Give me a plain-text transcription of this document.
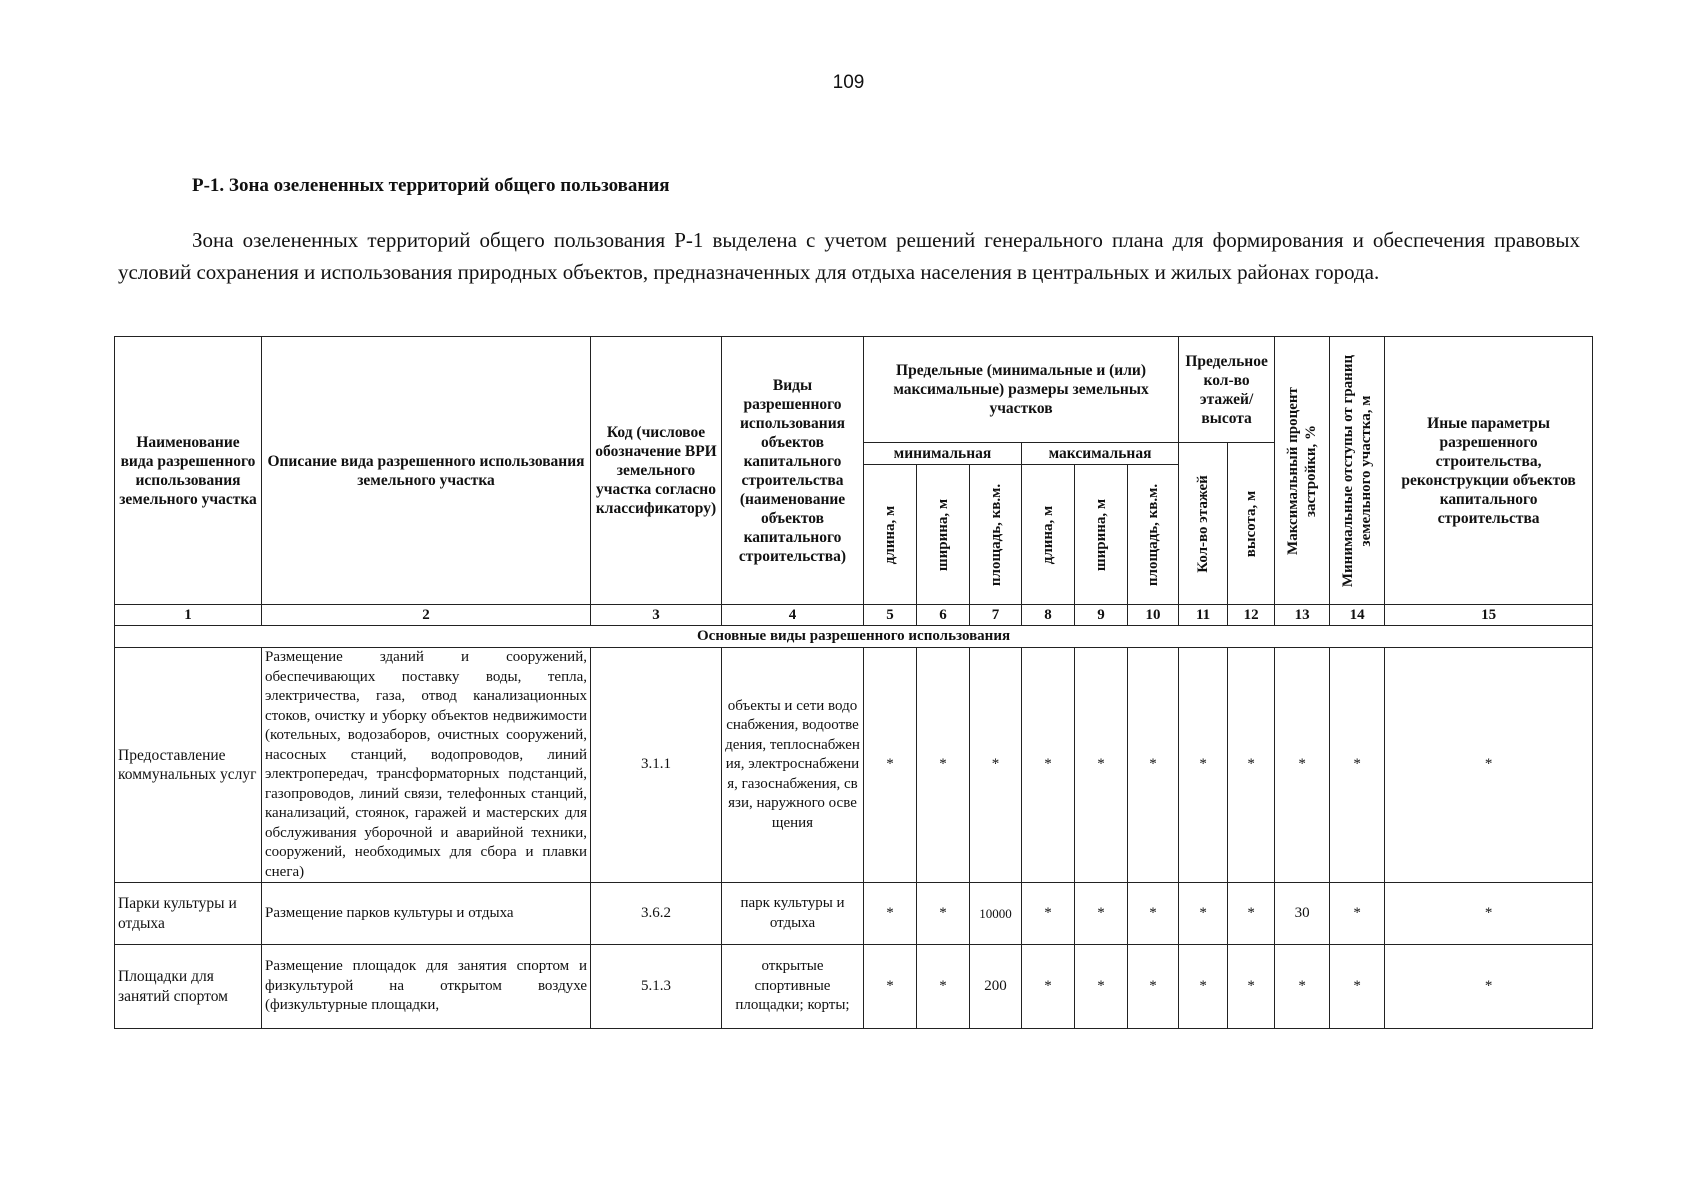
109
Р-1. Зона озелененных территорий общего пользования

Зона озелененных территорий общего пользования Р-1 выделена с учетом решений генерального плана для формирования и обеспечения правовых условий сохранения и использования природных объектов, предназначенных для отдыха населения в центральных и жилых районах города.

Наименование вида разрешенного использования земельного участка	Описание вида разрешенного использования земельного участка	Код (числовое обозначение ВРИ земельного участка согласно классификатору)	Виды разрешенного использования объектов капитального строительства (наименование объектов капитального строительства)	Предельные (минимальные и (или) максимальные) размеры земельных участков						Предельное кол-во этажей/ высота		Максимальный процент застройки, %	Минимальные отступы от границ земельного участка, м	Иные параметры разрешенного строительства, реконструкции объектов капитального строительства
				минимальная			максимальная			Кол-во этажей	высота, м			

				длина, м	ширина, м	площадь, кв.м.	длина, м	ширина, м	площадь, кв.м.					

1	2	3	4	5	6	7	8	9	10	11	12	13	14	15
Основные виды разрешенного использования														
Предоставление коммунальных услуг	Размещение зданий и сооружений, обеспечивающих поставку воды, тепла, электричества, газа, отвод канализационных стоков, очистку и уборку объектов недвижимости (котельных, водозаборов, очистных сооружений, насосных станций, водопроводов, линий электропередач, трансформаторных подстанций, газопроводов, линий связи, телефонных станций, канализаций, стоянок, гаражей и мастерских для обслуживания уборочной и аварийной техники, сооружений, необходимых для сбора и плавки снега)	3.1.1	объекты и сети водоснабжения, водоотведения, теплоснабжения, электроснабжения, газоснабжения, связи, наружного освещения	*	*	*	*	*	*	*	*	*	*	*
Парки культуры и отдыха	Размещение парков культуры и отдыха	3.6.2	парк культуры и отдыха	*	*	10000	*	*	*	*	*	30	*	*
Площадки для занятий спортом	Размещение площадок для занятия спортом и физкультурой на открытом воздухе (физкультурные площадки,	5.1.3	открытые спортивные площадки; корты;	*	*	200	*	*	*	*	*	*	*	*
